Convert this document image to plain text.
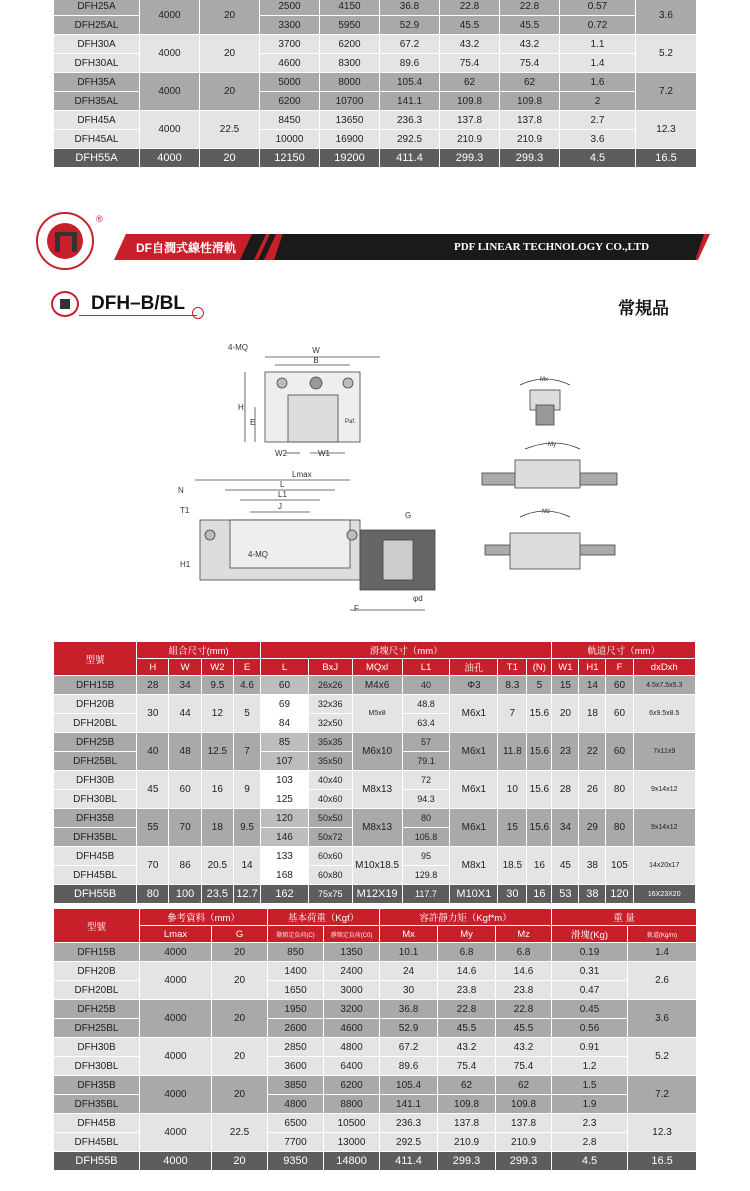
DFH25A	4000	20	2500	4150	36.8	22.8	22.8	0.57	3.6
DFH25AL			3300	5950	52.9	45.5	45.5	0.72	
DFH30A	4000	20	3700	6200	67.2	43.2	43.2	1.1	5.2
DFH30AL			4600	8300	89.6	75.4	75.4	1.4	
DFH35A	4000	20	5000	8000	105.4	62	62	1.6	7.2
DFH35AL			6200	10700	141.1	109.8	109.8	2	
DFH45A	4000	22.5	8450	13650	236.3	137.8	137.8	2.7	12.3
DFH45AL			10000	16900	292.5	210.9	210.9	3.6	
DFH55A	4000	20	12150	19200	411.4	299.3	299.3	4.5	16.5
®
DF自潤式線性滑軌	PDF LINEAR TECHNOLOGY CO.,LTD
DFH–B/BL	常規品
W
B
4-MQ
H
E
W2	W1
Paf.
Lmax
L
L1
J
N
T1
H1
4-MQ
G
F
φd
Mx
My
Mz
型號	組合尺寸(mm)				滑塊尺寸（mm）							軌道尺寸（mm）			
	H	W	W2	E	L	BxJ	MQxl	L1	油孔	T1	(N)	W1	H1	F	dxDxh
DFH15B	28	34	9.5	4.6	60	26x26	M4x6	40	Φ3	8.3	5	15	14	60	4.5x7.5x5.3
DFH20B	30	44	12	5	69	32x36	M5x8	48.8	M6x1	7	15.6	20	18	60	6x9.5x8.5
DFH20BL					84	32x50		63.4							
DFH25B	40	48	12.5	7	85	35x35	M6x10	57	M6x1	11.8	15.6	23	22	60	7x11x9
DFH25BL					107	35x50		79.1							
DFH30B	45	60	16	9	103	40x40	M8x13	72	M6x1	10	15.6	28	26	80	9x14x12
DFH30BL					125	40x60		94.3							
DFH35B	55	70	18	9.5	120	50x50	M8x13	80	M6x1	15	15.6	34	29	80	9x14x12
DFH35BL					146	50x72		105.8							
DFH45B	70	86	20.5	14	133	60x60	M10x18.5	95	M8x1	18.5	16	45	38	105	14x20x17
DFH45BL					168	60x80		129.8							
DFH55B	80	100	23.5	12.7	162	75x75	M12X19	117.7	M10X1	30	16	53	38	120	16X23X20
型號	參考資料（mm）		基本荷重（Kgf）		容許靜力矩（Kgf*m）			重 量	
	Lmax	G	動額定負荷(C)	靜額定負荷(C0)	Mx	My	Mz	滑塊(Kg)	軌道(Kg/m)
DFH15B	4000	20	850	1350	10.1	6.8	6.8	0.19	1.4
DFH20B	4000	20	1400	2400	24	14.6	14.6	0.31	2.6
DFH20BL			1650	3000	30	23.8	23.8	0.47	
DFH25B	4000	20	1950	3200	36.8	22.8	22.8	0.45	3.6
DFH25BL			2600	4600	52.9	45.5	45.5	0.56	
DFH30B	4000	20	2850	4800	67.2	43.2	43.2	0.91	5.2
DFH30BL			3600	6400	89.6	75.4	75.4	1.2	
DFH35B	4000	20	3850	6200	105.4	62	62	1.5	7.2
DFH35BL			4800	8800	141.1	109.8	109.8	1.9	
DFH45B	4000	22.5	6500	10500	236.3	137.8	137.8	2.3	12.3
DFH45BL			7700	13000	292.5	210.9	210.9	2.8	
DFH55B	4000	20	9350	14800	411.4	299.3	299.3	4.5	16.5
